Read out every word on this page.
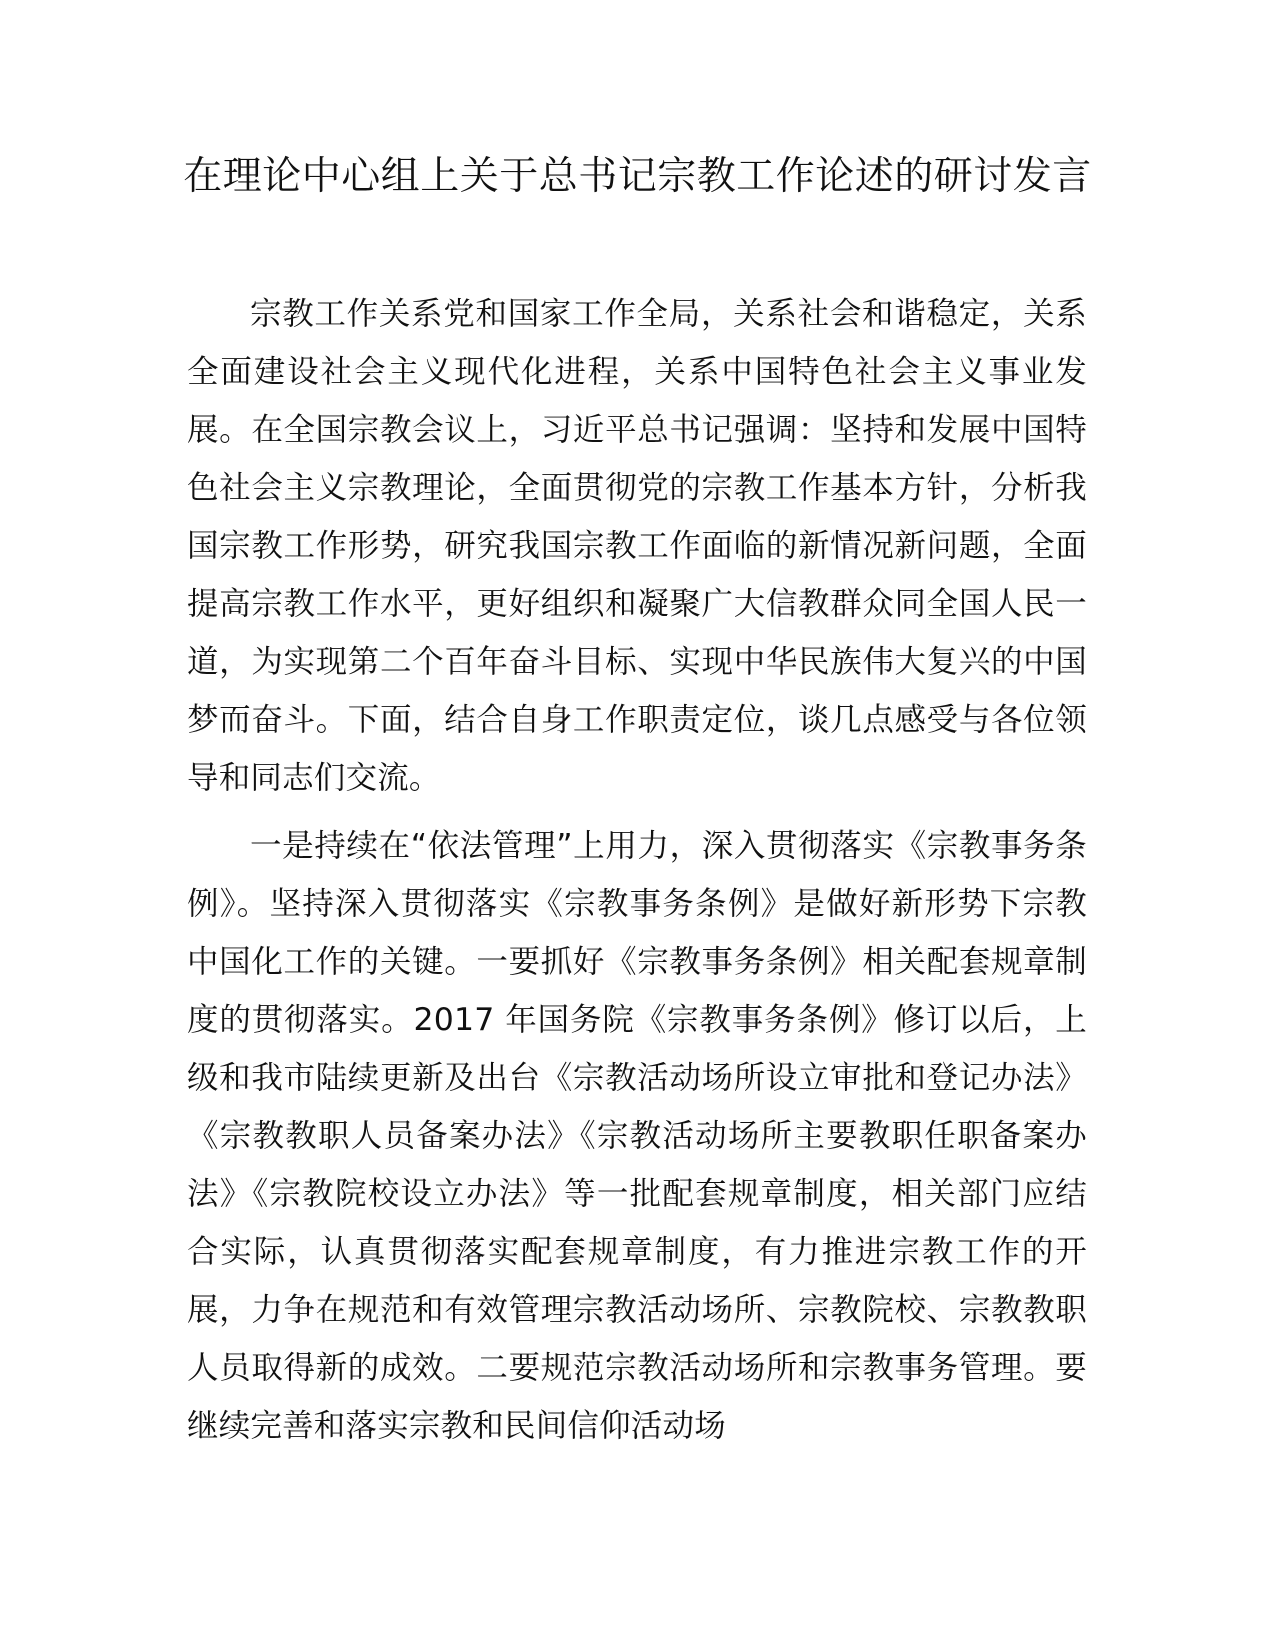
在理论中心组上关于总书记宗教工作论述的研讨发言

宗教工作关系党和国家工作全局，关系社会和谐稳定，关系全面建设社会主义现代化进程，关系中国特色社会主义事业发展。在全国宗教会议上，习近平总书记强调：坚持和发展中国特色社会主义宗教理论，全面贯彻党的宗教工作基本方针，分析我国宗教工作形势，研究我国宗教工作面临的新情况新问题，全面提高宗教工作水平，更好组织和凝聚广大信教群众同全国人民一道，为实现第二个百年奋斗目标、实现中华民族伟大复兴的中国梦而奋斗。下面，结合自身工作职责定位，谈几点感受与各位领导和同志们交流。

一是持续在“依法管理”上用力，深入贯彻落实《宗教事务条例》。坚持深入贯彻落实《宗教事务条例》是做好新形势下宗教中国化工作的关键。一要抓好《宗教事务条例》相关配套规章制度的贯彻落实。2017 年国务院《宗教事务条例》修订以后，上级和我市陆续更新及出台《宗教活动场所设立审批和登记办法》《宗教教职人员备案办法》《宗教活动场所主要教职任职备案办法》《宗教院校设立办法》等一批配套规章制度，相关部门应结合实际，认真贯彻落实配套规章制度，有力推进宗教工作的开展，力争在规范和有效管理宗教活动场所、宗教院校、宗教教职人员取得新的成效。二要规范宗教活动场所和宗教事务管理。要继续完善和落实宗教和民间信仰活动场
